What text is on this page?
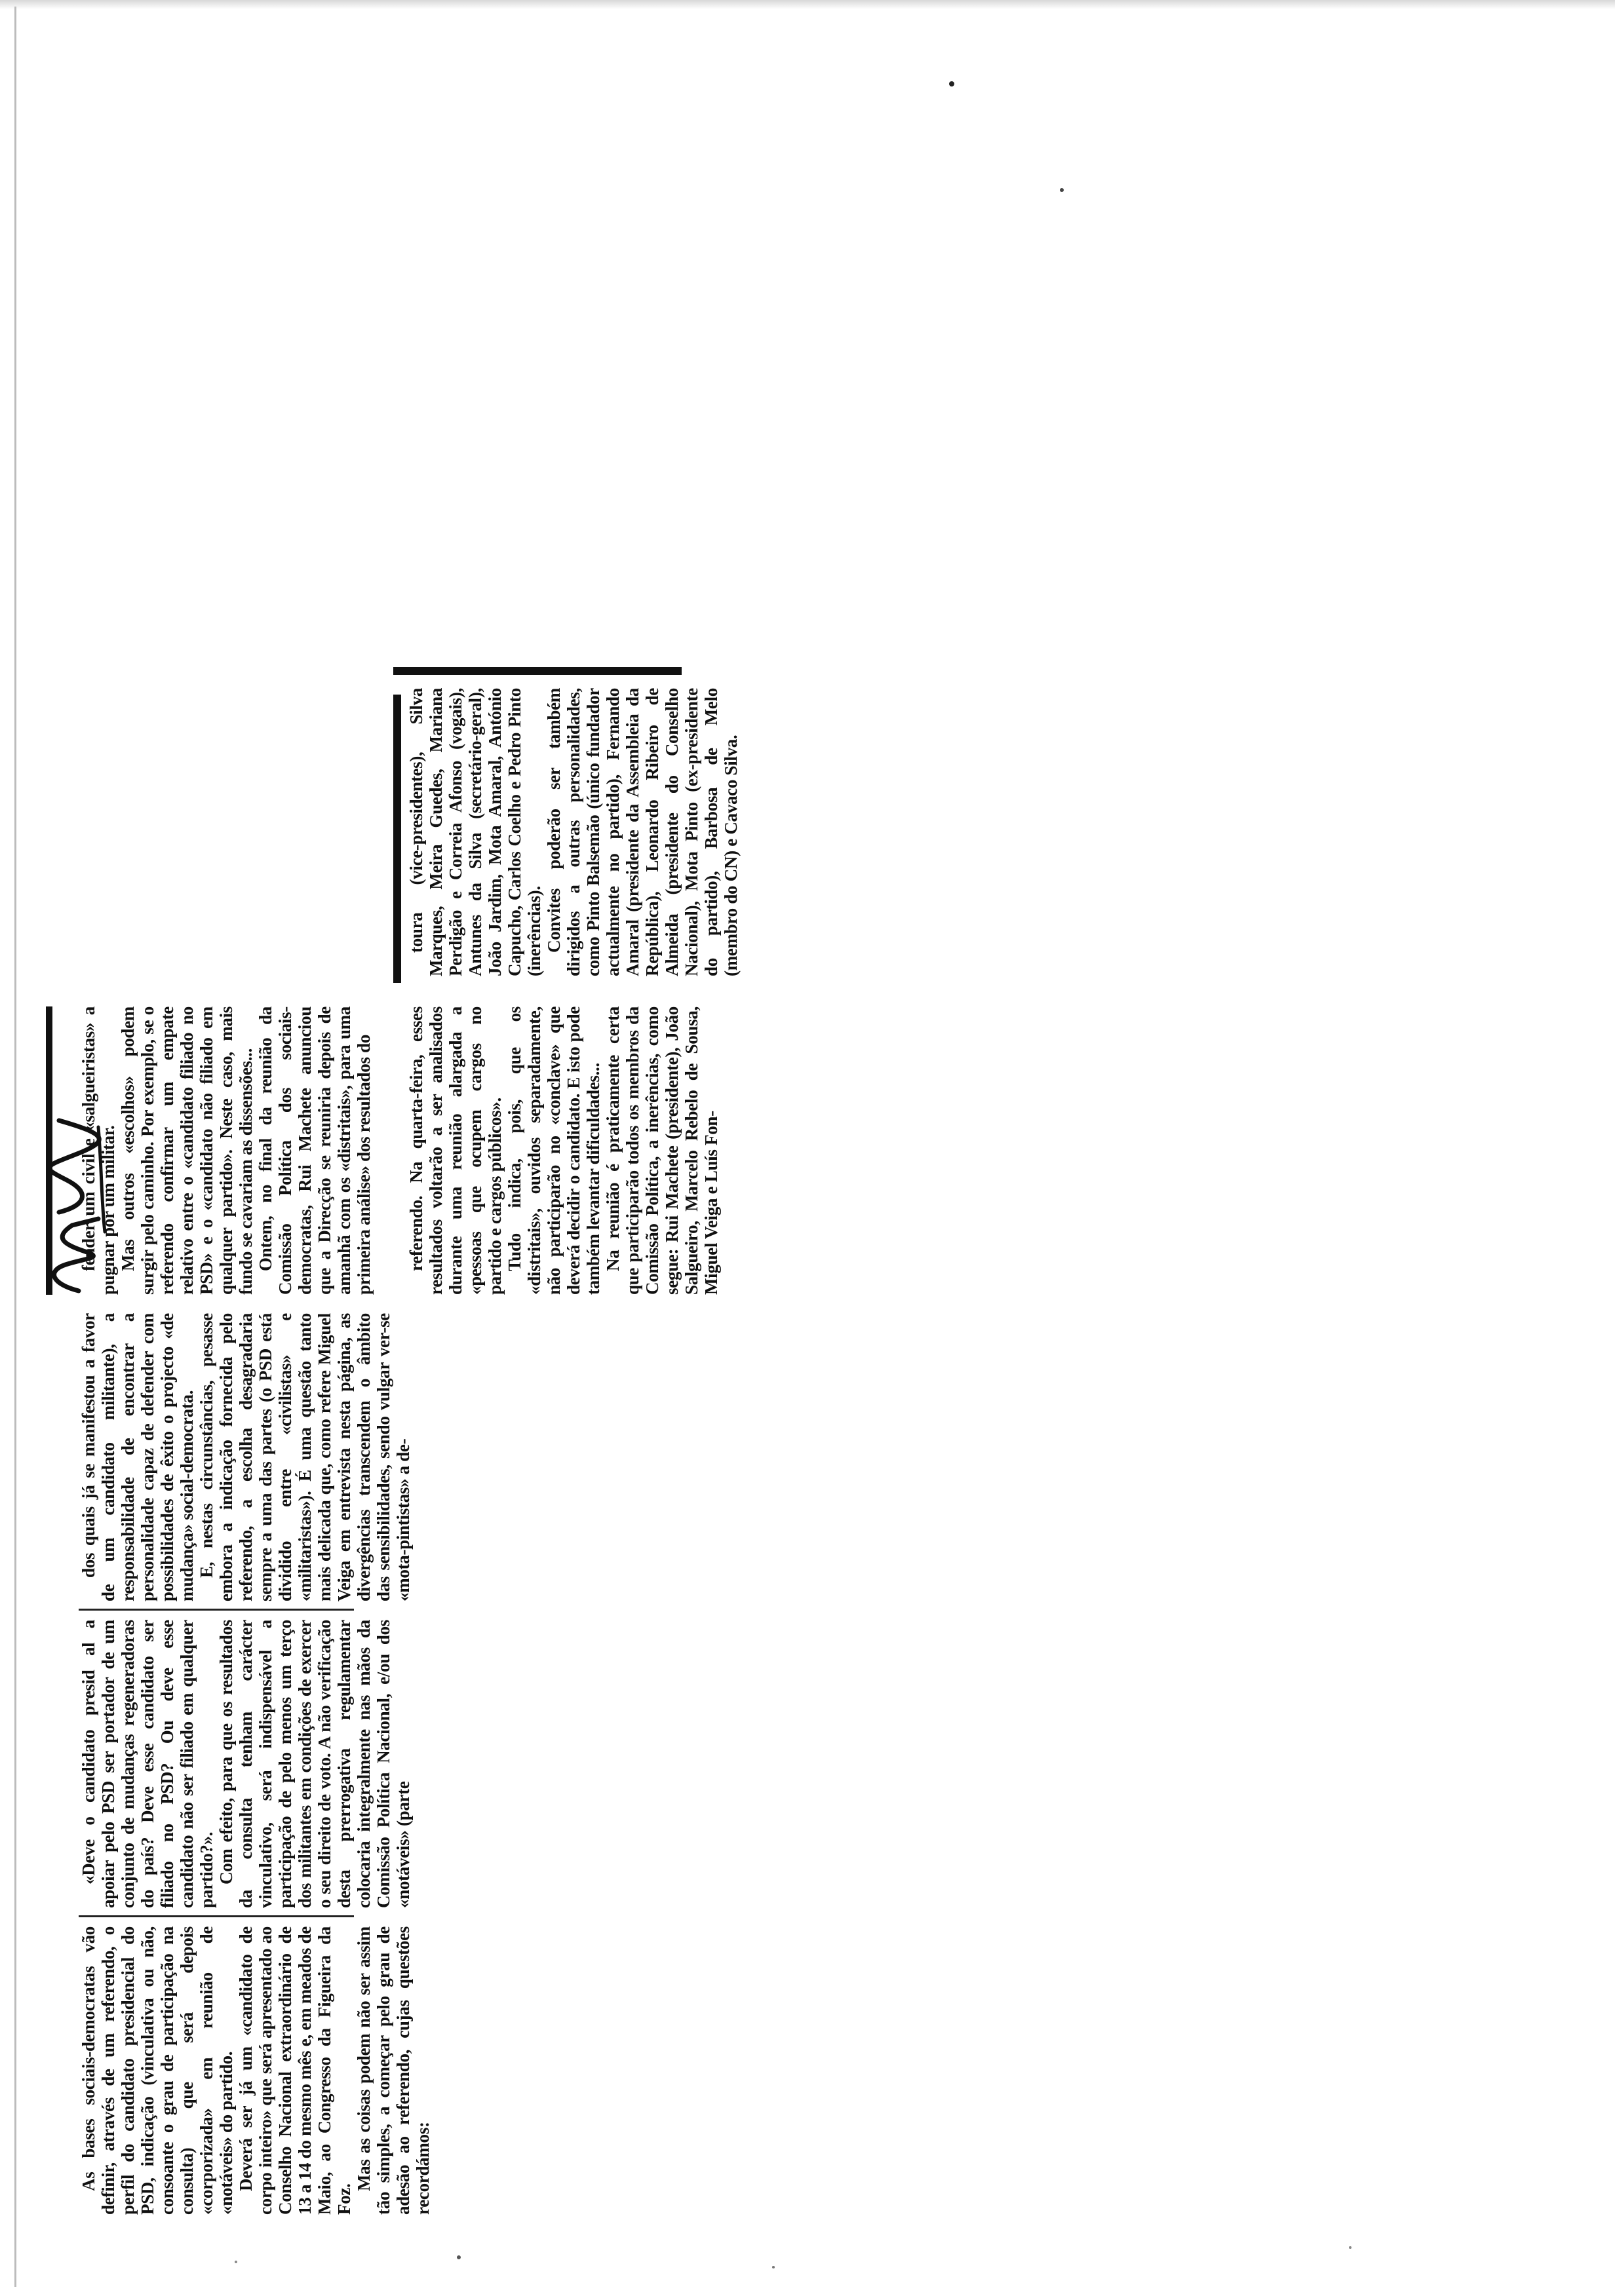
As bases sociais-democratas vão definir, através de um referendo, o perfil do candidato presidencial do PSD, indicação (vinculativa ou não, consoante o grau de participação na consulta) que será depois «corporizada» em reunião de «notáveis» do partido. Deverá ser já um «candidato de corpo inteiro» que será apresentado ao Conselho Nacional extraordinário de 13 a 14 do mesmo mês e, em meados de Maio, ao Congresso da Figueira da Foz.

Mas as coisas podem não ser assim tão simples, a começar pelo grau de adesão ao referendo, cujas questões recordámos:

«Deve o candidato presid al a apoiar pelo PSD ser portador de um conjunto de mudanças regeneradoras do país? Deve esse candidato ser filiado no PSD? Ou deve esse candidato não ser filiado em qualquer partido?». Com efeito, para que os resultados da consulta tenham carácter vinculativo, será indispensável a participação de pelo menos um terço dos militantes em condições de exercer o seu direito de voto. A não verificação desta prerrogativa regulamentar colocaria integralmente nas mãos da Comissão Política Nacional, e/ou dos «notáveis» (parte

dos quais já se manifestou a favor de um candidato militante), a responsabilidade de encontrar a personalidade capaz de defender com possibilidades de êxito o projecto «de mudança» social-democrata. E, nestas circunstâncias, pesasse embora a indicação fornecida pelo referendo, a escolha desagradaria sempre a uma das partes (o PSD está dividido entre «civilistas» e «militaristas»). É uma questão tanto mais delicada que, como refere Miguel Veiga em entrevista nesta página, as divergências transcendem o âmbito das sensibilidades, sendo vulgar ver-se «mota-pintistas» a de-

fender um civil e «salgueiristas» a pugnar por um militar. Mas outros «escolhos» podem surgir pelo caminho. Por exemplo, se o referendo confirmar um empate relativo entre o «candidato filiado no PSD» e o «candidato não filiado em qualquer partido». Neste caso, mais fundo se cavariam as dissensões... Ontem, no final da reunião da Comissão Política dos sociais-democratas, Rui Machete anunciou que a Direcção se reuniria depois de amanhã com os «distritais», para uma primeira análise» dos resultados do referendo. Na quarta-feira, esses resultados voltarão a ser analisados durante uma reunião alargada a «pessoas que ocupem cargos no partido e cargos públicos». Tudo indica, pois, que os «distritais», ouvidos separadamente, não participarão no «conclave» que deverá decidir o candidato. E isto pode também levantar dificuldades... Na reunião é praticamente certa que participarão todos os membros da Comissão Política, a inerências, como segue: Rui Machete (presidente), João Salgueiro, Marcelo Rebelo de Sousa, Miguel Veiga e Luís Fon-

toura (vice-presidentes), Silva Marques, Meira Guedes, Mariana Perdigão e Correia Afonso (vogais), Antunes da Silva (secretário-geral), João Jardim, Mota Amaral, António Capucho, Carlos Coelho e Pedro Pinto (inerências). Convites poderão ser também dirigidos a outras personalidades, como Pinto Balsemão (único fundador actualmente no partido), Fernando Amaral (presidente da Assembleia da República), Leonardo Ribeiro de Almeida (presidente do Conselho Nacional), Mota Pinto (ex-presidente do partido), Barbosa de Melo (membro do CN) e Cavaco Silva.
